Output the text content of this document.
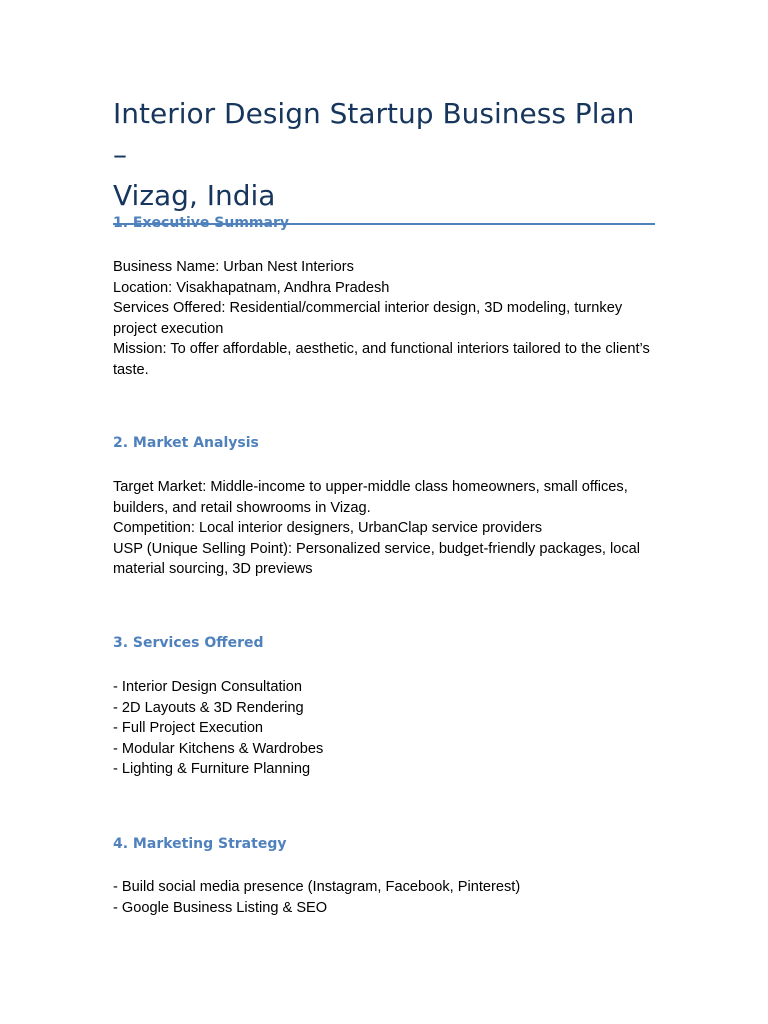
Interior Design Startup Business Plan –
Vizag, India
1. Executive Summary

Business Name: Urban Nest Interiors

Location: Visakhapatnam, Andhra Pradesh

Services Offered: Residential/commercial interior design, 3D modeling, turnkey project execution

Mission: To offer affordable, aesthetic, and functional interiors tailored to the client’s taste.

2. Market Analysis

Target Market: Middle-income to upper-middle class homeowners, small offices, builders, and retail showrooms in Vizag.

Competition: Local interior designers, UrbanClap service providers

USP (Unique Selling Point): Personalized service, budget-friendly packages, local material sourcing, 3D previews

3. Services Offered

- Interior Design Consultation

- 2D Layouts & 3D Rendering

- Full Project Execution

- Modular Kitchens & Wardrobes

- Lighting & Furniture Planning

4. Marketing Strategy

- Build social media presence (Instagram, Facebook, Pinterest)

- Google Business Listing & SEO
